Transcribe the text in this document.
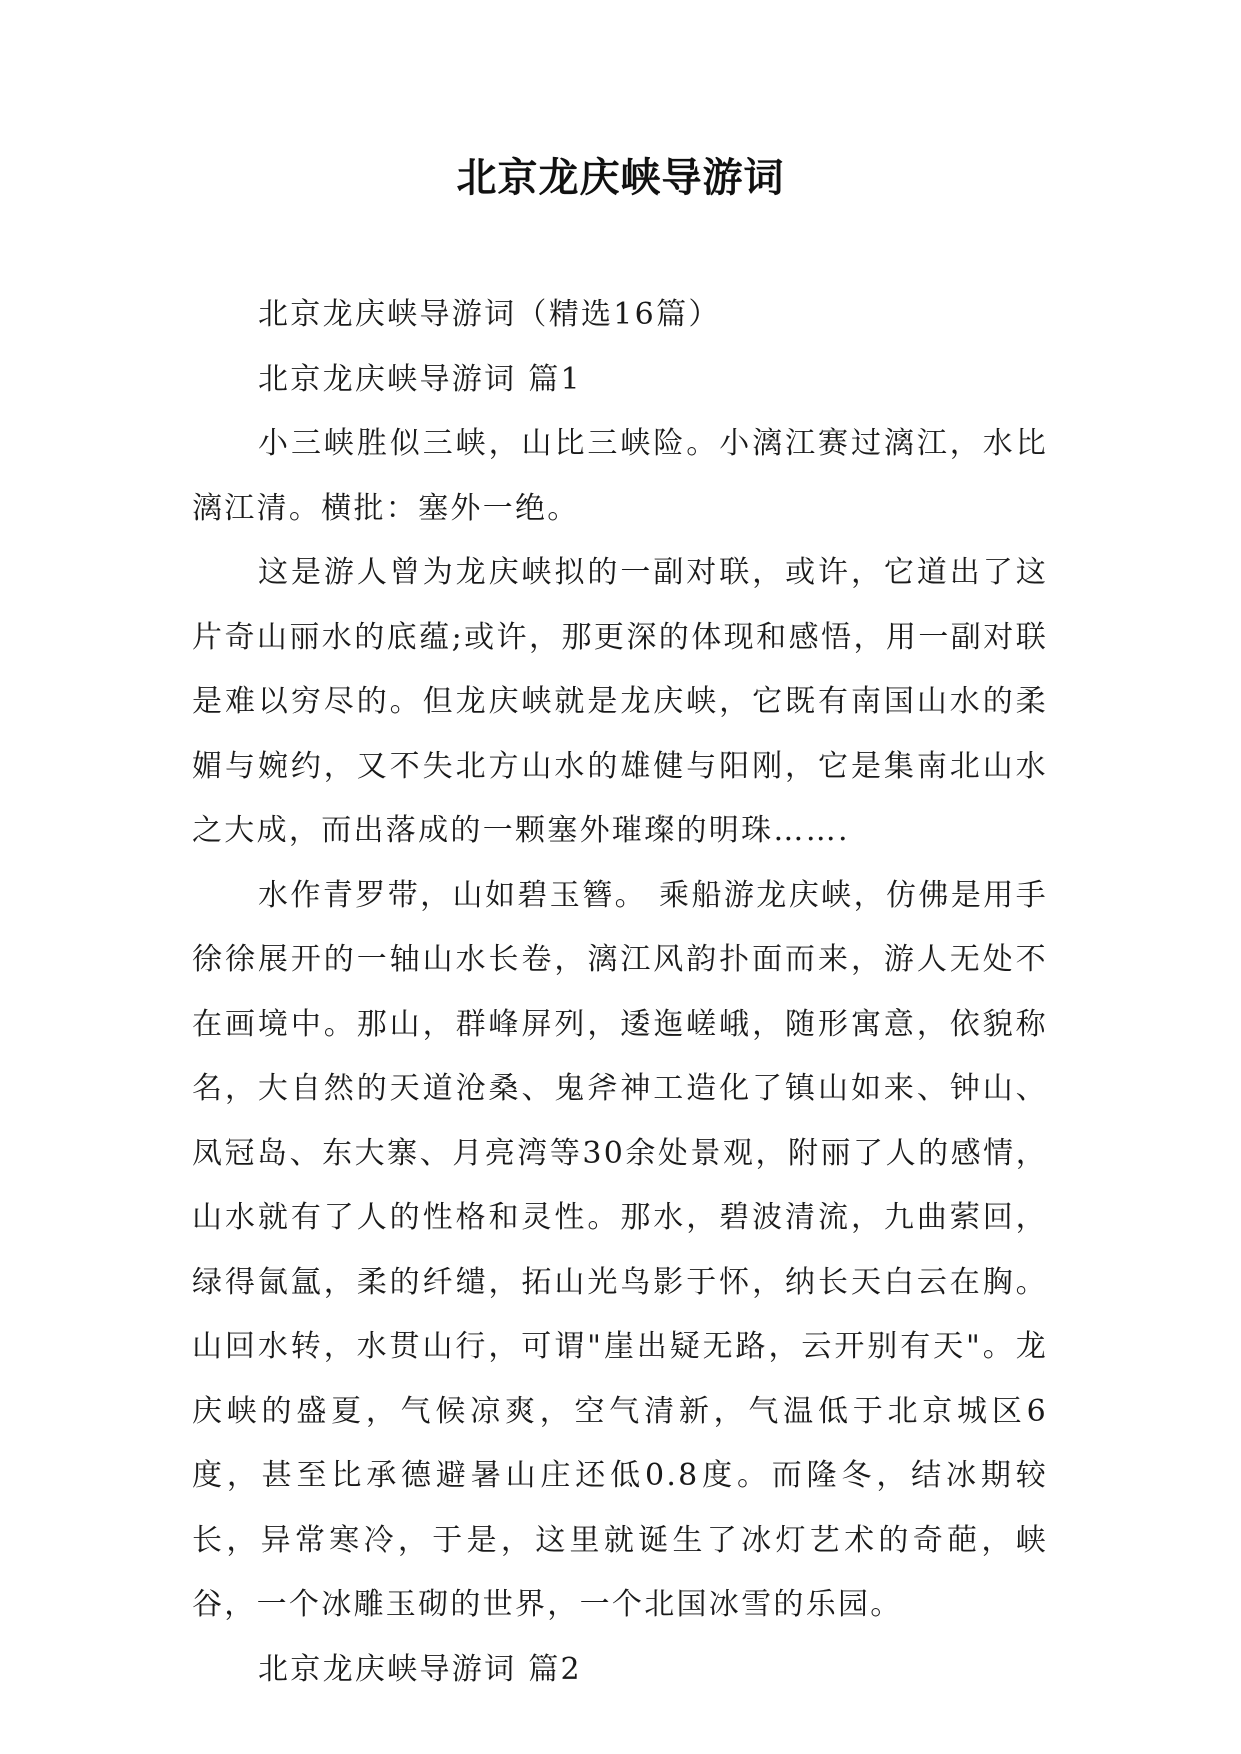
北京龙庆峡导游词

北京龙庆峡导游词（精选16篇）

北京龙庆峡导游词 篇1

小三峡胜似三峡，山比三峡险。小漓江赛过漓江，水比漓江清。横批：塞外一绝。

这是游人曾为龙庆峡拟的一副对联，或许，它道出了这片奇山丽水的底蕴;或许，那更深的体现和感悟，用一副对联是难以穷尽的。但龙庆峡就是龙庆峡，它既有南国山水的柔媚与婉约，又不失北方山水的雄健与阳刚，它是集南北山水之大成，而出落成的一颗塞外璀璨的明珠…….

水作青罗带，山如碧玉簪。 乘船游龙庆峡，仿佛是用手徐徐展开的一轴山水长卷，漓江风韵扑面而来，游人无处不在画境中。那山，群峰屏列，逶迤嵯峨，随形寓意，依貌称名，大自然的天道沧桑、鬼斧神工造化了镇山如来、钟山、凤冠岛、东大寨、月亮湾等30余处景观，附丽了人的感情，山水就有了人的性格和灵性。那水，碧波清流，九曲萦回，绿得氤氲，柔的纤缱，拓山光鸟影于怀，纳长天白云在胸。山回水转，水贯山行，可谓"崖出疑无路，云开别有天"。龙庆峡的盛夏，气候凉爽，空气清新，气温低于北京城区6度，甚至比承德避暑山庄还低0.8度。而隆冬，结冰期较长，异常寒冷，于是，这里就诞生了冰灯艺术的奇葩，峡谷，一个冰雕玉砌的世界，一个北国冰雪的乐园。

北京龙庆峡导游词 篇2
